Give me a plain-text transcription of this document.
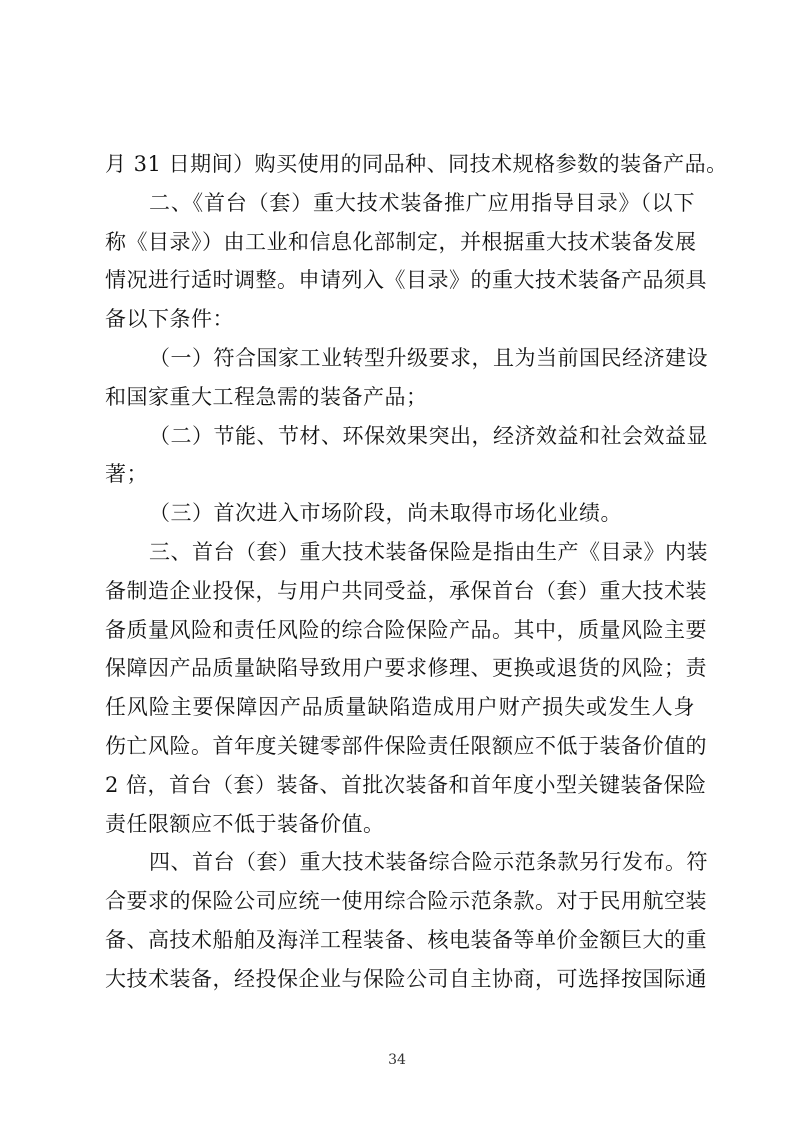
月 31 日期间）购买使用的同品种、同技术规格参数的装备产品。
二、《首台（套）重大技术装备推广应用指导目录》（以下
称《目录》）由工业和信息化部制定，并根据重大技术装备发展
情况进行适时调整。申请列入《目录》的重大技术装备产品须具
备以下条件：
（一）符合国家工业转型升级要求，且为当前国民经济建设
和国家重大工程急需的装备产品；
（二）节能、节材、环保效果突出，经济效益和社会效益显
著；
（三）首次进入市场阶段，尚未取得市场化业绩。
三、首台（套）重大技术装备保险是指由生产《目录》内装
备制造企业投保，与用户共同受益，承保首台（套）重大技术装
备质量风险和责任风险的综合险保险产品。其中，质量风险主要
保障因产品质量缺陷导致用户要求修理、更换或退货的风险；责
任风险主要保障因产品质量缺陷造成用户财产损失或发生人身
伤亡风险。首年度关键零部件保险责任限额应不低于装备价值的
2 倍，首台（套）装备、首批次装备和首年度小型关键装备保险
责任限额应不低于装备价值。
四、首台（套）重大技术装备综合险示范条款另行发布。符
合要求的保险公司应统一使用综合险示范条款。对于民用航空装
备、高技术船舶及海洋工程装备、核电装备等单价金额巨大的重
大技术装备，经投保企业与保险公司自主协商，可选择按国际通
34
